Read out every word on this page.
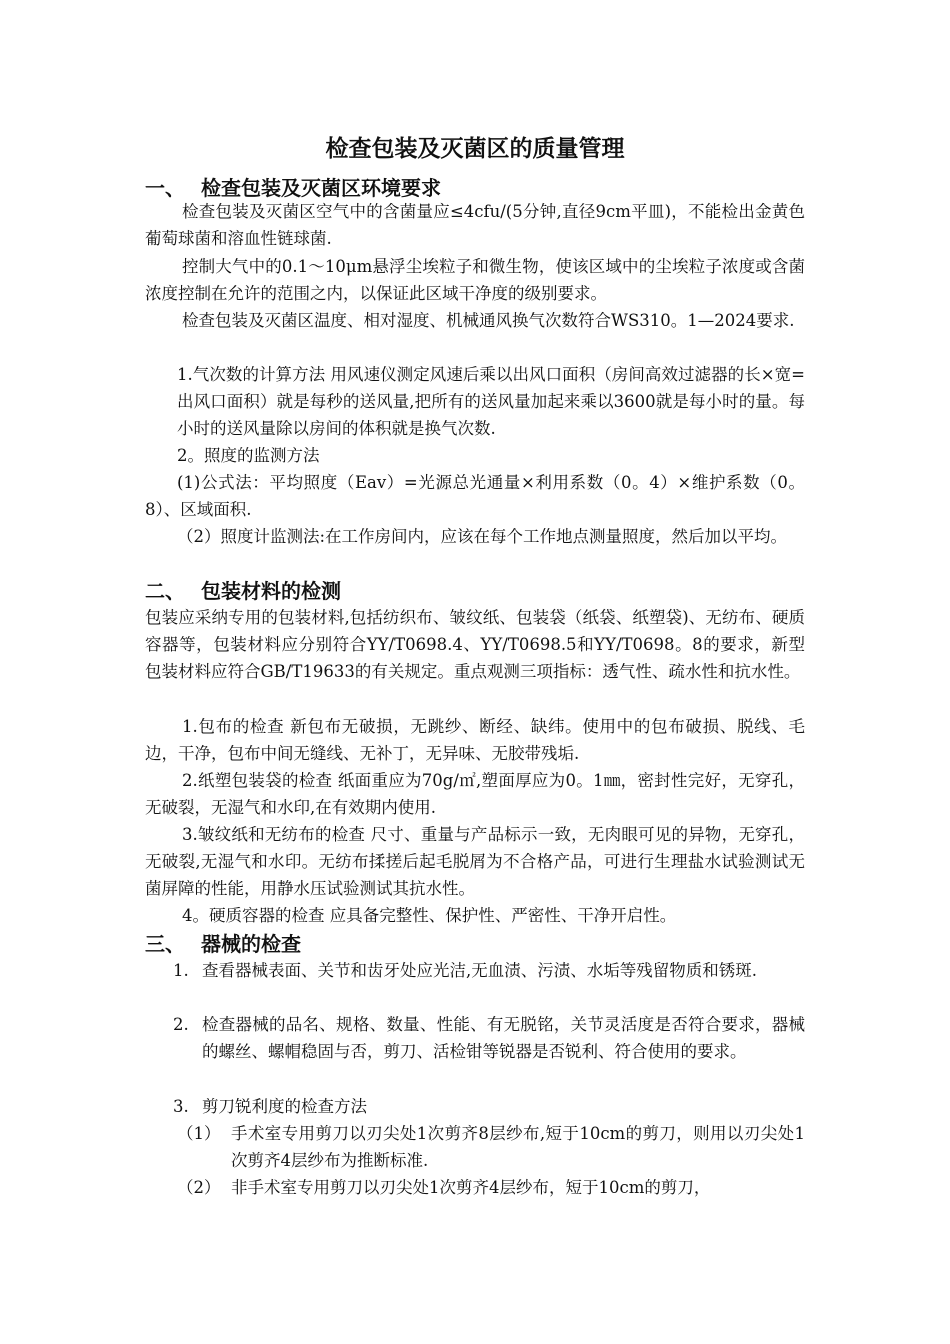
检查包装及灭菌区的质量管理
一、 检查包装及灭菌区环境要求

检查包装及灭菌区空气中的含菌量应≤4cfu/(5分钟,直径9cm平皿)，不能检出金黄色葡萄球菌和溶血性链球菌.

控制大气中的0.1～10μm悬浮尘埃粒子和微生物，使该区域中的尘埃粒子浓度或含菌浓度控制在允许的范围之内，以保证此区域干净度的级别要求。

检查包装及灭菌区温度、相对湿度、机械通风换气次数符合WS310。1—2024要求.

1.气次数的计算方法 用风速仪测定风速后乘以出风口面积（房间高效过滤器的长×宽=出风口面积）就是每秒的送风量,把所有的送风量加起来乘以3600就是每小时的量。每小时的送风量除以房间的体积就是换气次数.

2。照度的监测方法

(1)公式法：平均照度（Eav）=光源总光通量×利用系数（0。4）×维护系数（0。8）、区域面积.

（2）照度计监测法:在工作房间内，应该在每个工作地点测量照度，然后加以平均。

二、 包装材料的检测

包装应采纳专用的包装材料,包括纺织布、皱纹纸、包装袋（纸袋、纸塑袋)、无纺布、硬质容器等，包装材料应分别符合YY/T0698.4、YY/T0698.5和YY/T0698。8的要求，新型包装材料应符合GB/T19633的有关规定。重点观测三项指标：透气性、疏水性和抗水性。

1.包布的检查 新包布无破损，无跳纱、断经、缺纬。使用中的包布破损、脱线、毛边，干净，包布中间无缝线、无补丁，无异味、无胶带残垢.

2.纸塑包装袋的检查 纸面重应为70g/㎡,塑面厚应为0。1㎜，密封性完好，无穿孔，无破裂，无湿气和水印,在有效期内使用.

3.皱纹纸和无纺布的检查 尺寸、重量与产品标示一致，无肉眼可见的异物，无穿孔，无破裂,无湿气和水印。无纺布揉搓后起毛脱屑为不合格产品，可进行生理盐水试验测试无菌屏障的性能，用静水压试验测试其抗水性。

4。硬质容器的检查 应具备完整性、保护性、严密性、干净开启性。

三、 器械的检查
1. 查看器械表面、关节和齿牙处应光洁,无血渍、污渍、水垢等残留物质和锈斑.
2. 检查器械的品名、规格、数量、性能、有无脱铭，关节灵活度是否符合要求，器械的螺丝、螺帽稳固与否，剪刀、活检钳等锐器是否锐利、符合使用的要求。
3. 剪刀锐利度的检查方法
（1） 手术室专用剪刀以刃尖处1次剪齐8层纱布,短于10cm的剪刀，则用以刃尖处1次剪齐4层纱布为推断标准.
（2） 非手术室专用剪刀以刃尖处1次剪齐4层纱布，短于10cm的剪刀，
